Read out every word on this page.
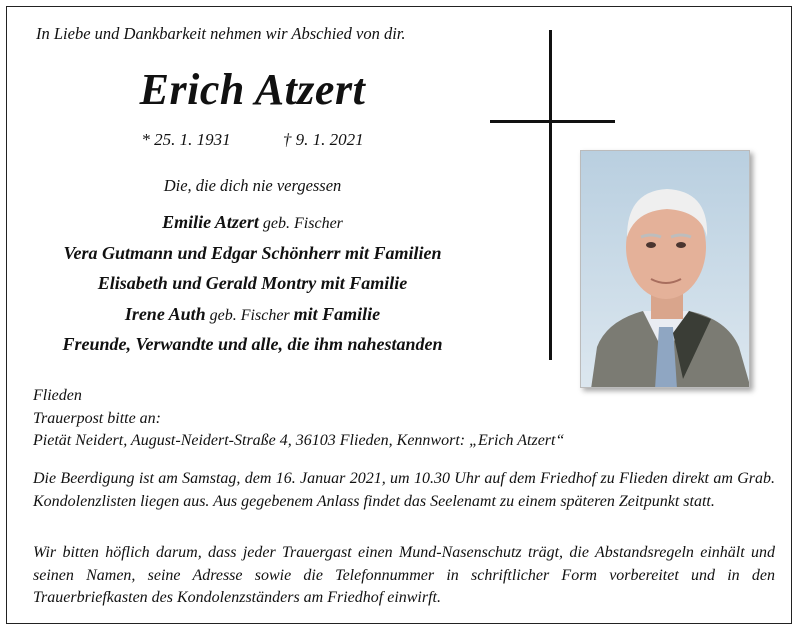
In Liebe und Dankbarkeit nehmen wir Abschied von dir.
Erich Atzert
* 25. 1. 1931	† 9. 1. 2021
Die, die dich nie vergessen
Emilie Atzert geb. Fischer
Vera Gutmann und Edgar Schönherr mit Familien
Elisabeth und Gerald Montry mit Familie
Irene Auth geb. Fischer mit Familie
Freunde, Verwandte und alle, die ihm nahestanden
Flieden
Trauerpost bitte an:
Pietät Neidert, August-Neidert-Straße 4, 36103 Flieden, Kennwort: „Erich Atzert“
Die Beerdigung ist am Samstag, dem 16. Januar 2021, um 10.30 Uhr auf dem Friedhof zu Flieden direkt am Grab. Kondolenzlisten liegen aus. Aus gegebenem Anlass findet das Seelenamt zu einem späteren Zeitpunkt statt.
Wir bitten höflich darum, dass jeder Trauergast einen Mund-Nasenschutz trägt, die Abstandsregeln einhält und seinen Namen, seine Adresse sowie die Telefonnummer in schriftlicher Form vorbereitet und in den Trauerbriefkasten des Kondolenzständers am Friedhof einwirft.
